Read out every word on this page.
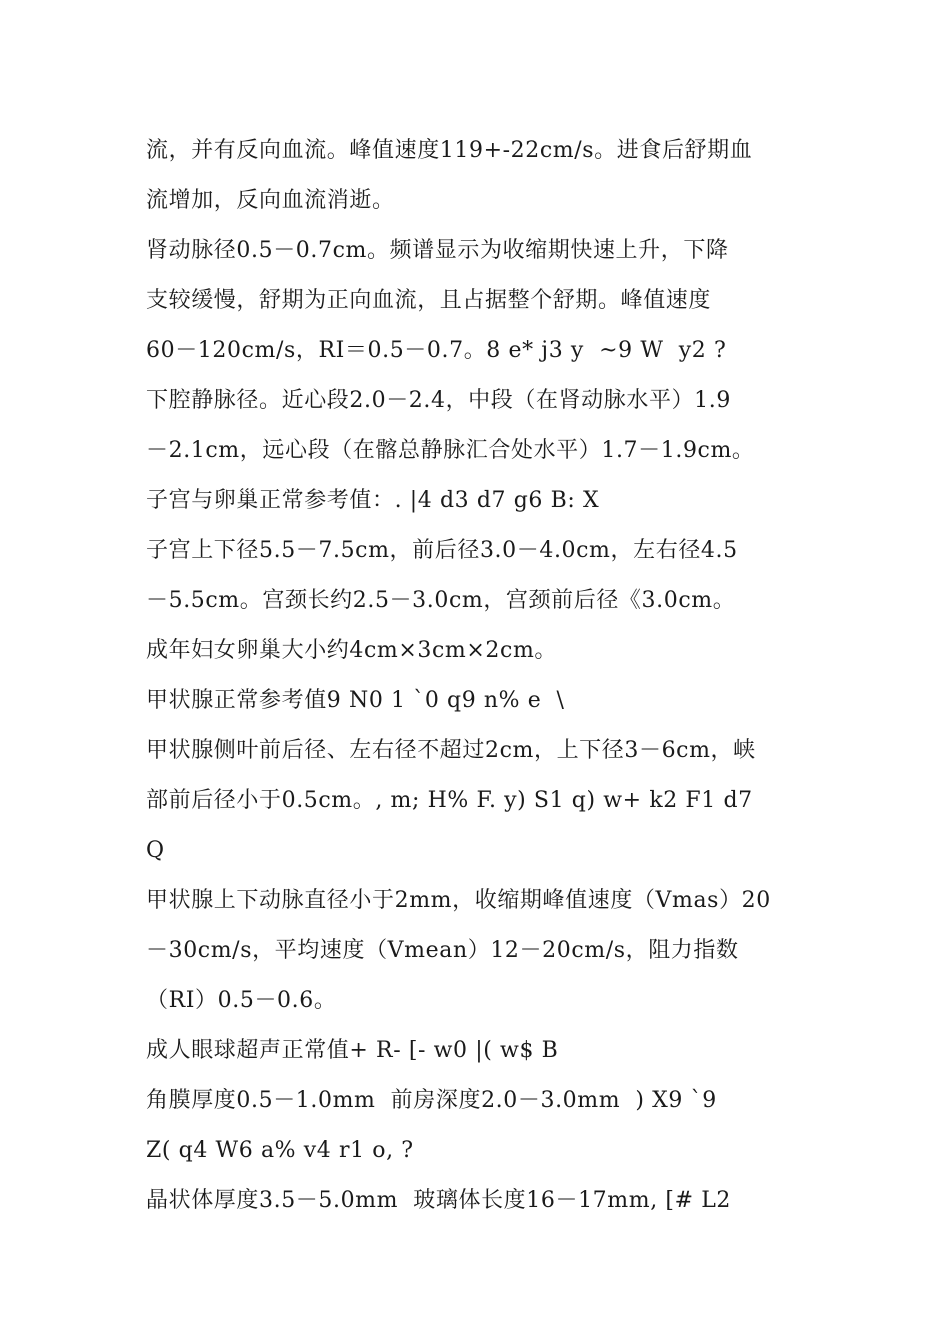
流，并有反向血流。峰值速度119+-22cm/s。进食后舒期血

流增加，反向血流消逝。

肾动脉径0.5－0.7cm。频谱显示为收缩期快速上升，下降

支较缓慢，舒期为正向血流，且占据整个舒期。峰值速度

60－120cm/s，RI＝0.5－0.7。8 e* j3 y  ~9 W  y2 ?

下腔静脉径。近心段2.0－2.4，中段（在肾动脉水平）1.9

－2.1cm，远心段（在髂总静脉汇合处水平）1.7－1.9cm。

子宫与卵巢正常参考值：. |4 d3 d7 g6 B: X

子宫上下径5.5－7.5cm，前后径3.0－4.0cm，左右径4.5

－5.5cm。宫颈长约2.5－3.0cm，宫颈前后径《3.0cm。

成年妇女卵巢大小约4cm×3cm×2cm。

甲状腺正常参考值9 N0 1 `0 q9 n% e  \

甲状腺侧叶前后径、左右径不超过2cm，上下径3－6cm，峡

部前后径小于0.5cm。, m; H% F. y) S1 q) w+ k2 F1 d7

Q

甲状腺上下动脉直径小于2mm，收缩期峰值速度（Vmas）20

－30cm/s，平均速度（Vmean）12－20cm/s，阻力指数

（RI）0.5－0.6。

成人眼球超声正常值+ R- [- w0 |( w$ B

角膜厚度0.5－1.0mm  前房深度2.0－3.0mm  ) X9 `9

Z( q4 W6 a% v4 r1 o, ?

晶状体厚度3.5－5.0mm  玻璃体长度16－17mm, [# L2
